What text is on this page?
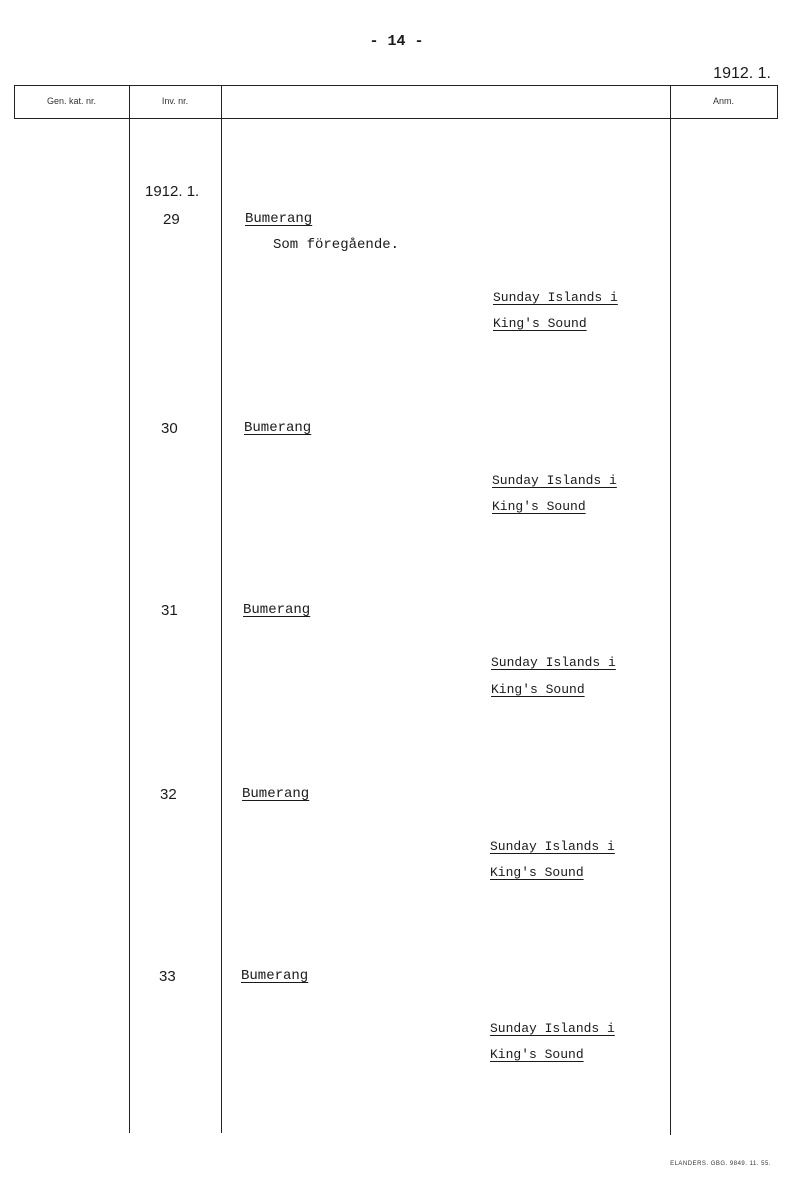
- 14 -
1912. 1.
Gen. kat. nr.	Inv. nr.	Anm.
1912. 1.
29	Bumerang
Som föregående.
Sunday Islands i
King's Sound
30	Bumerang
Sunday Islands i
King's Sound
31	Bumerang
Sunday Islands i
King's Sound
32	Bumerang
Sunday Islands i
King's Sound
33	Bumerang
Sunday Islands i
King's Sound
ELANDERS. GBG. 9849. 11. 55.
